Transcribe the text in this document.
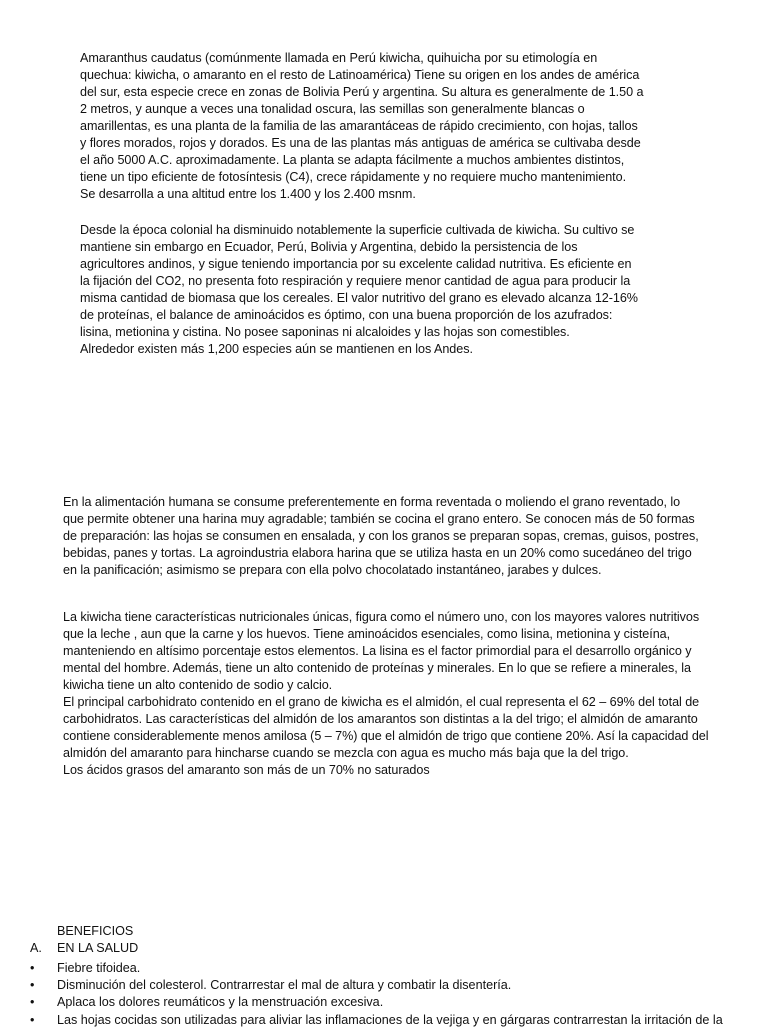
Amaranthus caudatus (comúnmente llamada en Perú kiwicha, quihuicha por su etimología en

quechua: kiwicha, o amaranto en el resto de Latinoamérica) Tiene su origen en los andes de américa

del sur, esta especie crece en zonas de Bolivia Perú y argentina. Su altura es generalmente de 1.50 a

2 metros, y aunque a veces una tonalidad oscura, las semillas son generalmente blancas o

amarillentas, es una planta de la familia de las amarantáceas de rápido crecimiento, con hojas, tallos

y flores morados, rojos y dorados. Es una de las plantas más antiguas de américa se cultivaba desde

el año 5000 A.C. aproximadamente. La planta se adapta fácilmente a muchos ambientes distintos,

tiene un tipo eficiente de fotosíntesis (C4), crece rápidamente y no requiere mucho mantenimiento.

Se desarrolla a una altitud entre los 1.400 y los 2.400 msnm.

Desde la época colonial ha disminuido notablemente la superficie cultivada de kiwicha. Su cultivo se

mantiene sin embargo en Ecuador, Perú, Bolivia y Argentina, debido la persistencia de los

agricultores andinos, y sigue teniendo importancia por su excelente calidad nutritiva. Es eficiente en

la fijación del CO2, no presenta foto respiración y requiere menor cantidad de agua para producir la

misma cantidad de biomasa que los cereales. El valor nutritivo del grano es elevado alcanza 12-16%

de proteínas, el balance de aminoácidos es óptimo, con una buena proporción de los azufrados:

lisina, metionina y cistina. No posee saponinas ni alcaloides y las hojas son comestibles.

Alrededor existen más 1,200 especies aún se mantienen en los Andes.

En la alimentación humana se consume preferentemente en forma reventada o moliendo el grano reventado, lo

que permite obtener una harina muy agradable; también se cocina el grano entero. Se conocen más de 50 formas

de preparación: las hojas se consumen en ensalada, y con los granos se preparan sopas, cremas, guisos, postres,

bebidas, panes y tortas. La agroindustria elabora harina que se utiliza hasta en un 20% como sucedáneo del trigo

en la panificación; asimismo se prepara con ella polvo chocolatado instantáneo, jarabes y dulces.

La kiwicha tiene características nutricionales únicas, figura como el número uno, con los mayores valores nutritivos

que la leche , aun que la carne y los huevos. Tiene aminoácidos esenciales, como lisina, metionina y cisteína,

manteniendo en altísimo porcentaje estos elementos. La lisina es el factor primordial para el desarrollo orgánico y

mental del hombre. Además, tiene un alto contenido de proteínas y minerales. En lo que se refiere a minerales, la

kiwicha tiene un alto contenido de sodio y calcio.

El principal carbohidrato contenido en el grano de kiwicha es el almidón, el cual representa el 62 – 69% del total de

carbohidratos. Las características del almidón de los amarantos son distintas a la del trigo; el almidón de amaranto

contiene considerablemente menos amilosa (5 – 7%) que el almidón de trigo que contiene 20%. Así la capacidad del

almidón del amaranto para hincharse cuando se mezcla con agua es mucho más baja que la del trigo.

Los ácidos grasos del amaranto son más de un 70% no saturados

BENEFICIOS
A.	EN LA SALUD
•	Fiebre tifoidea.
•	Disminución del colesterol. Contrarrestar el mal de altura y combatir la disentería.
•	Aplaca los dolores reumáticos y la menstruación excesiva.
•	Las hojas cocidas son utilizadas para aliviar las inflamaciones de la vejiga y en gárgaras contrarrestan la irritación de la
